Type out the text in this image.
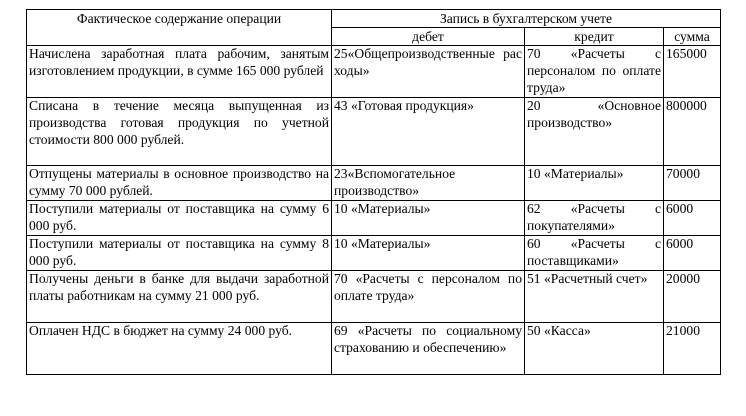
Фактическое содержание операции	Запись в бухгалтерском учете		
	дебет	кредит	сумма
Начислена заработная плата рабочим, занятым изготовлением продукции, в сумме 165 000 рублей	25«Общепроизводственные расходы»	70 «Расчеты с персоналом по оплате труда»	165000
Списана в течение месяца выпущенная из производства готовая продукция по учетной стоимости 800 000 рублей.	43 «Готовая продукция»	20 «Основное производство»	800000
Отпущены материалы в основное производство на сумму 70 000 рублей.	23«Вспомогательное производство»	10 «Материалы»	70000
Поступили материалы от поставщика на сумму 6 000 руб.	10 «Материалы»	62 «Расчеты с покупателями»	6000
Поступили материалы от поставщика на сумму 8 000 руб.	10 «Материалы»	60 «Расчеты с поставщиками»	6000
Получены деньги в банке для выдачи заработной платы работникам на сумму 21 000 руб.	70 «Расчеты с персоналом по оплате труда»	51 «Расчетный счет»	20000
Оплачен НДС в бюджет на сумму 24 000 руб.	69 «Расчеты по социальному страхованию и обеспечению»	50 «Касса»	21000
